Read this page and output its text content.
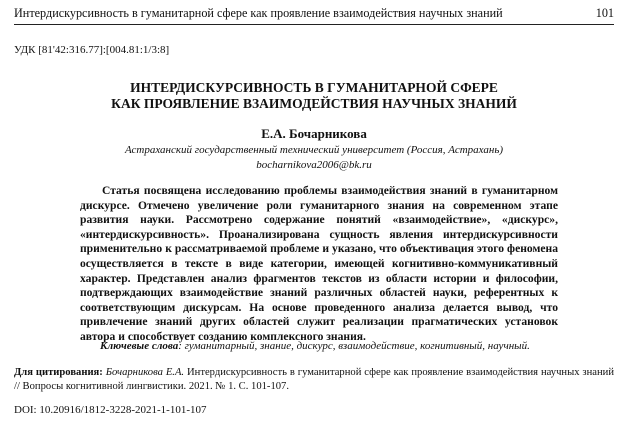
Интердискурсивность в гуманитарной сфере как проявление взаимодействия научных знаний	101
УДК [81'42:316.77]:[004.81:1/3:8]
ИНТЕРДИСКУРСИВНОСТЬ В ГУМАНИТАРНОЙ СФЕРЕ
КАК ПРОЯВЛЕНИЕ ВЗАИМОДЕЙСТВИЯ НАУЧНЫХ ЗНАНИЙ
Е.А. Бочарникова
Астраханский государственный технический университет (Россия, Астрахань)
bocharnikova2006@bk.ru

Статья посвящена исследованию проблемы взаимодействия знаний в гуманитарном дискурсе. Отмечено увеличение роли гуманитарного знания на современном этапе развития науки. Рассмотрено содержание понятий «взаимодействие», «дискурс», «интердискурсивность». Проанализирована сущность явления интердискурсивности применительно к рассматриваемой проблеме и указано, что объективация этого феномена осуществляется в тексте в виде категории, имеющей когнитивно-коммуникативный характер. Представлен анализ фрагментов текстов из области истории и философии, подтверждающих взаимодействие знаний различных областей науки, референтных к соответствующим дискурсам. На основе проведенного анализа делается вывод, что привлечение знаний других областей служит реализации прагматических установок автора и способствует созданию комплексного знания.

Ключевые слова: гуманитарный, знание, дискурс, взаимодействие, когнитивный, научный.
Для цитирования: Бочарникова Е.А. Интердискурсивность в гуманитарной сфере как проявление взаимодействия научных знаний // Вопросы когнитивной лингвистики. 2021. № 1. С. 101-107.
DOI: 10.20916/1812-3228-2021-1-101-107
